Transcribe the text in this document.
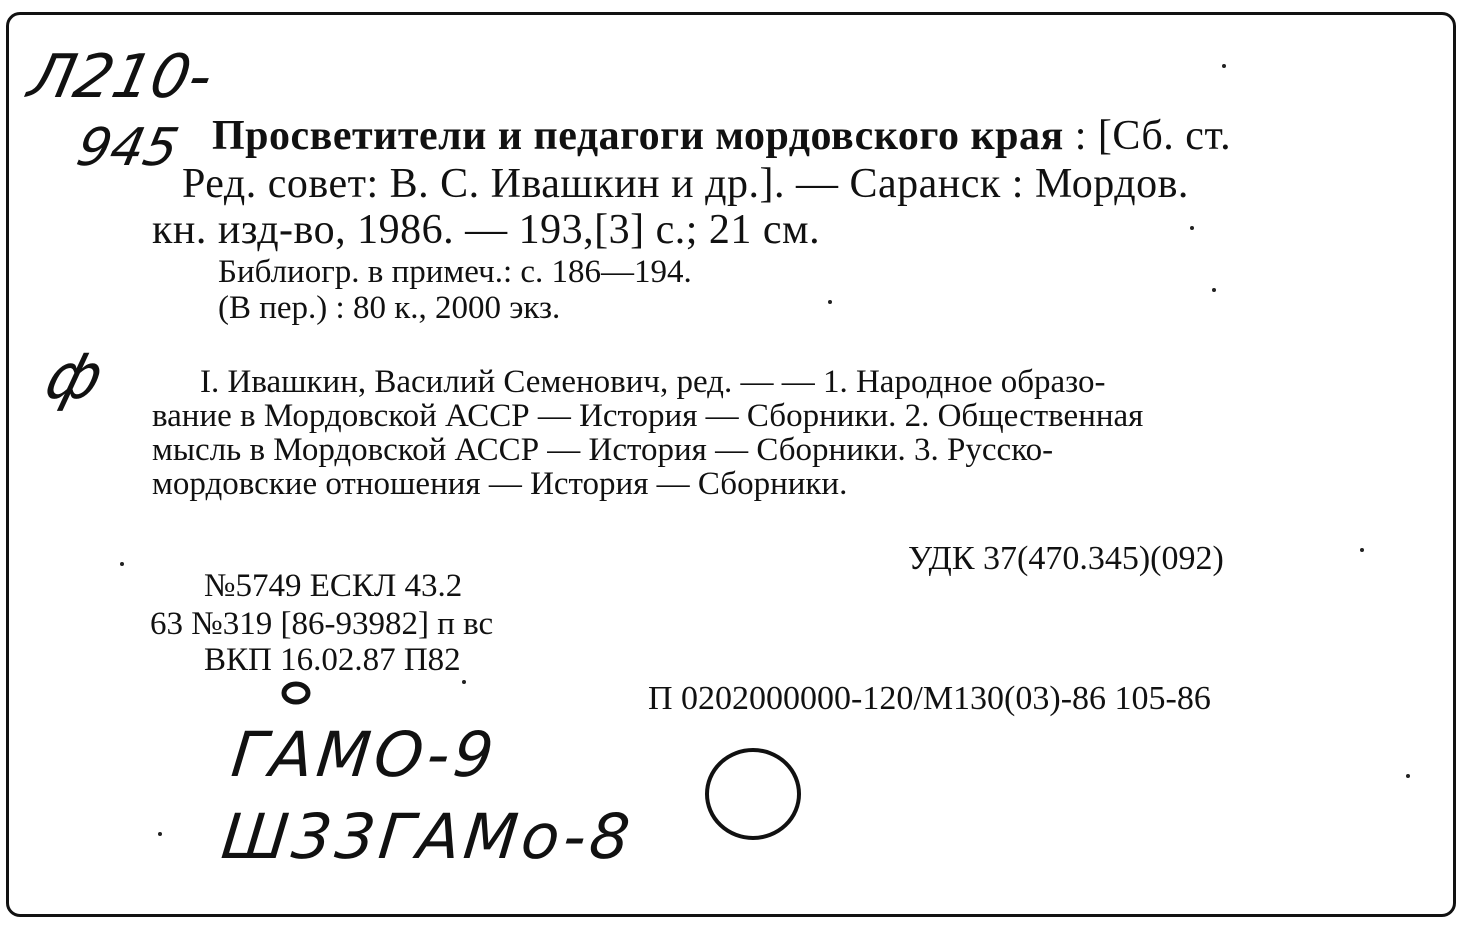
Л210-
945 Просветители и педагоги мордовского края : [Сб. ст.
Ред. совет: В. С. Ивашкин и др.]. — Саранск : Мордов.
кн. изд-во, 1986. — 193,[3] с.; 21 см.
Библиогр. в примеч.: с. 186—194.
(В пер.) : 80 к., 2000 экз.
ф	I. Ивашкин, Василий Семенович, ред. — — 1. Народное образо-
вание в Мордовской АССР — История — Сборники. 2. Общественная
мысль в Мордовской АССР — История — Сборники. 3. Русско-
мордовские отношения — История — Сборники.
УДК 37(470.345)(092)
№5749 ЕСКЛ 43.2
63 №319 [86-93982] п вс
ВКП 16.02.87 П82
П 0202000000-120/М130(03)-86 105-86
ГАМО-9
Ш33ГАМо-8
